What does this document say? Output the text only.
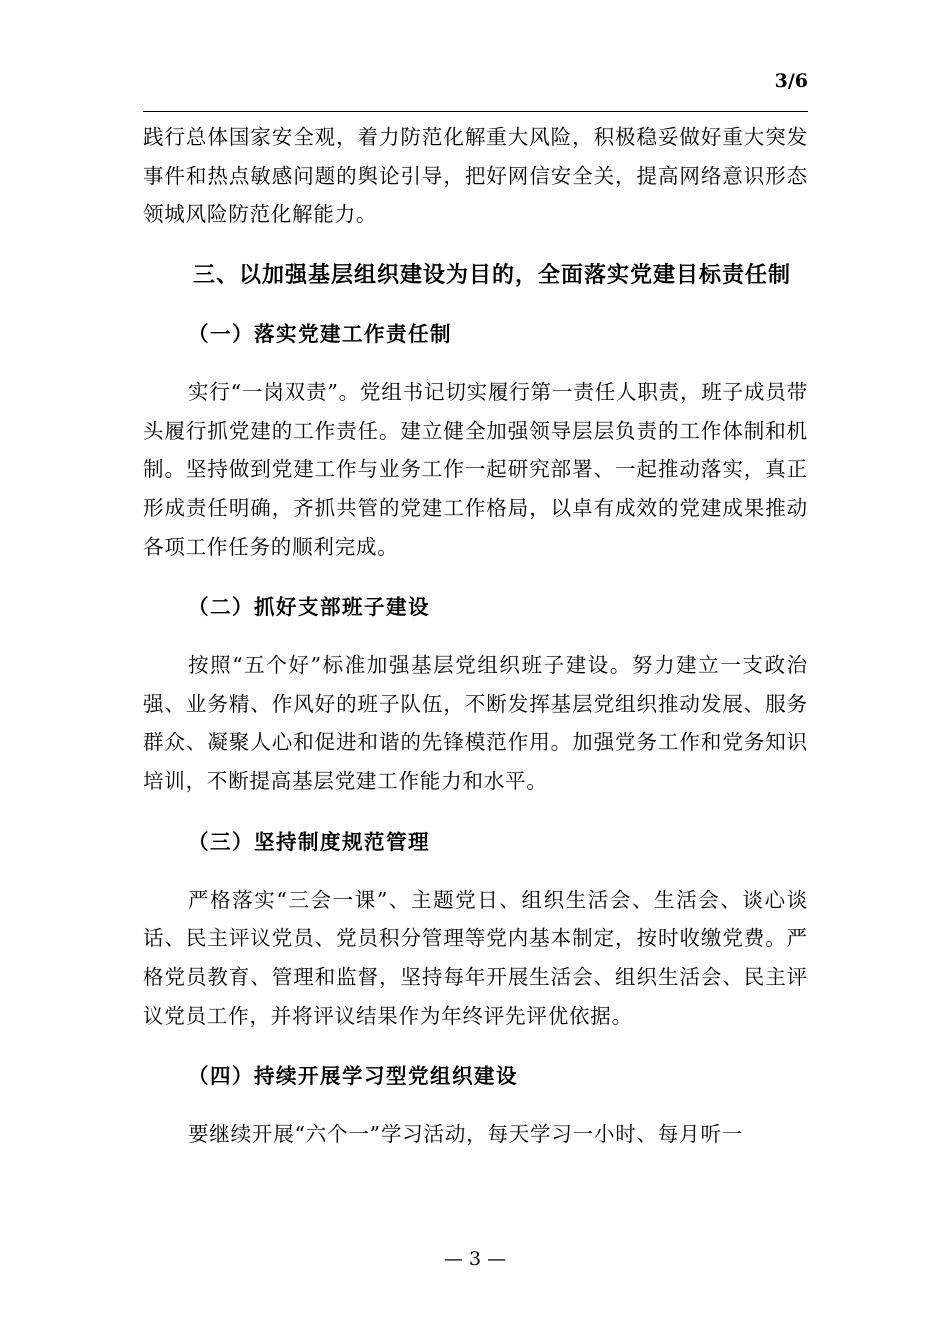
3/6

践行总体国家安全观，着力防范化解重大风险，积极稳妥做好重大突发事件和热点敏感问题的舆论引导，把好网信安全关，提高网络意识形态领城风险防范化解能力。

三、以加强基层组织建设为目的，全面落实党建目标责任制

（一）落实党建工作责任制

实行“一岗双责”。党组书记切实履行第一责任人职责，班子成员带头履行抓党建的工作责任。建立健全加强领导层层负责的工作体制和机制。坚持做到党建工作与业务工作一起研究部署、一起推动落实，真正形成责任明确，齐抓共管的党建工作格局，以卓有成效的党建成果推动各项工作任务的顺利完成。

（二）抓好支部班子建设

按照“五个好”标准加强基层党组织班子建设。努力建立一支政治强、业务精、作风好的班子队伍，不断发挥基层党组织推动发展、服务群众、凝聚人心和促进和谐的先锋模范作用。加强党务工作和党务知识培训，不断提高基层党建工作能力和水平。

（三）坚持制度规范管理

严格落实“三会一课”、主题党日、组织生活会、生活会、谈心谈话、民主评议党员、党员积分管理等党内基本制定，按时收缴党费。严格党员教育、管理和监督，坚持每年开展生活会、组织生活会、民主评议党员工作，并将评议结果作为年终评先评优依据。

（四）持续开展学习型党组织建设

要继续开展“六个一”学习活动，每天学习一小时、每月听一

— 3 —
